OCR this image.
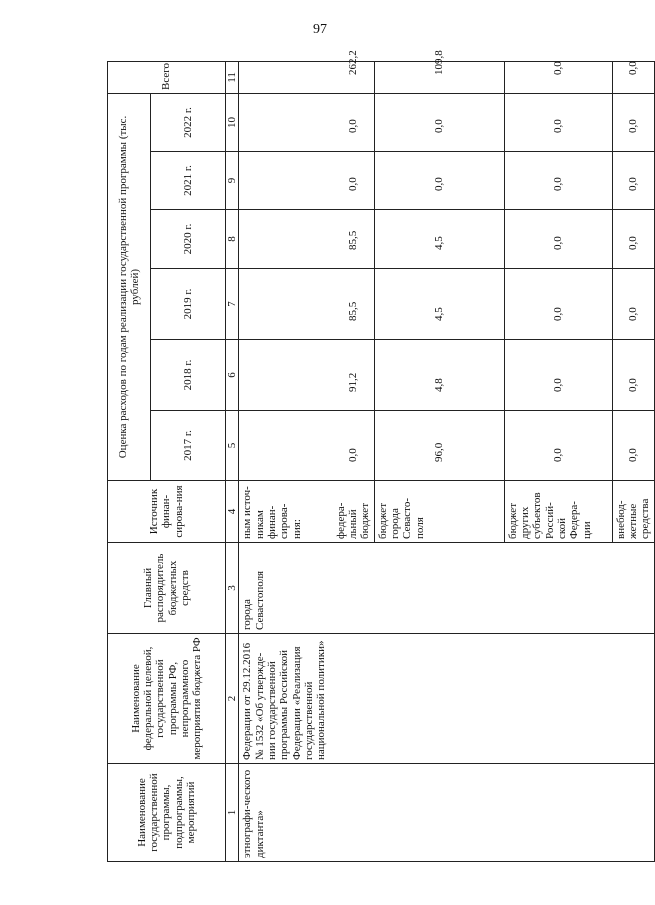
97
Наименование государственной программы, подпрограммы, мероприятий	Наименование федеральной целевой, государственной программы РФ, непрограммного мероприятия бюджета РФ	Главный распорядитель бюджетных средств	Источник финан-сирова-ния	Оценка расходов по годам реализации государственной программы (тыс. рублей)						Всего
				2017 г.	2018 г.	2019 г.	2020 г.	2021 г.	2022 г.	
1	2	3	4	5	6	7	8	9	10	11
этнографи-ческого диктанта»	Федерации от 29.12.2016 № 1532 «Об утвержде-нии государственной программы Российской Федерации «Реализация государственной национальной политики»	города Севастополя	ным источ-никам финан-сирова-ния:							
			федера-льный бюджет	0,0	91,2	85,5	85,5	0,0	0,0	262,2
			бюджет города Севасто-поля	96,0	4,8	4,5	4,5	0,0	0,0	109,8
			бюджет других субъектов Россий-ской Федера-ции	0,0	0,0	0,0	0,0	0,0	0,0	0,0
			внебюд-жетные средства	0,0	0,0	0,0	0,0	0,0	0,0	0,0
